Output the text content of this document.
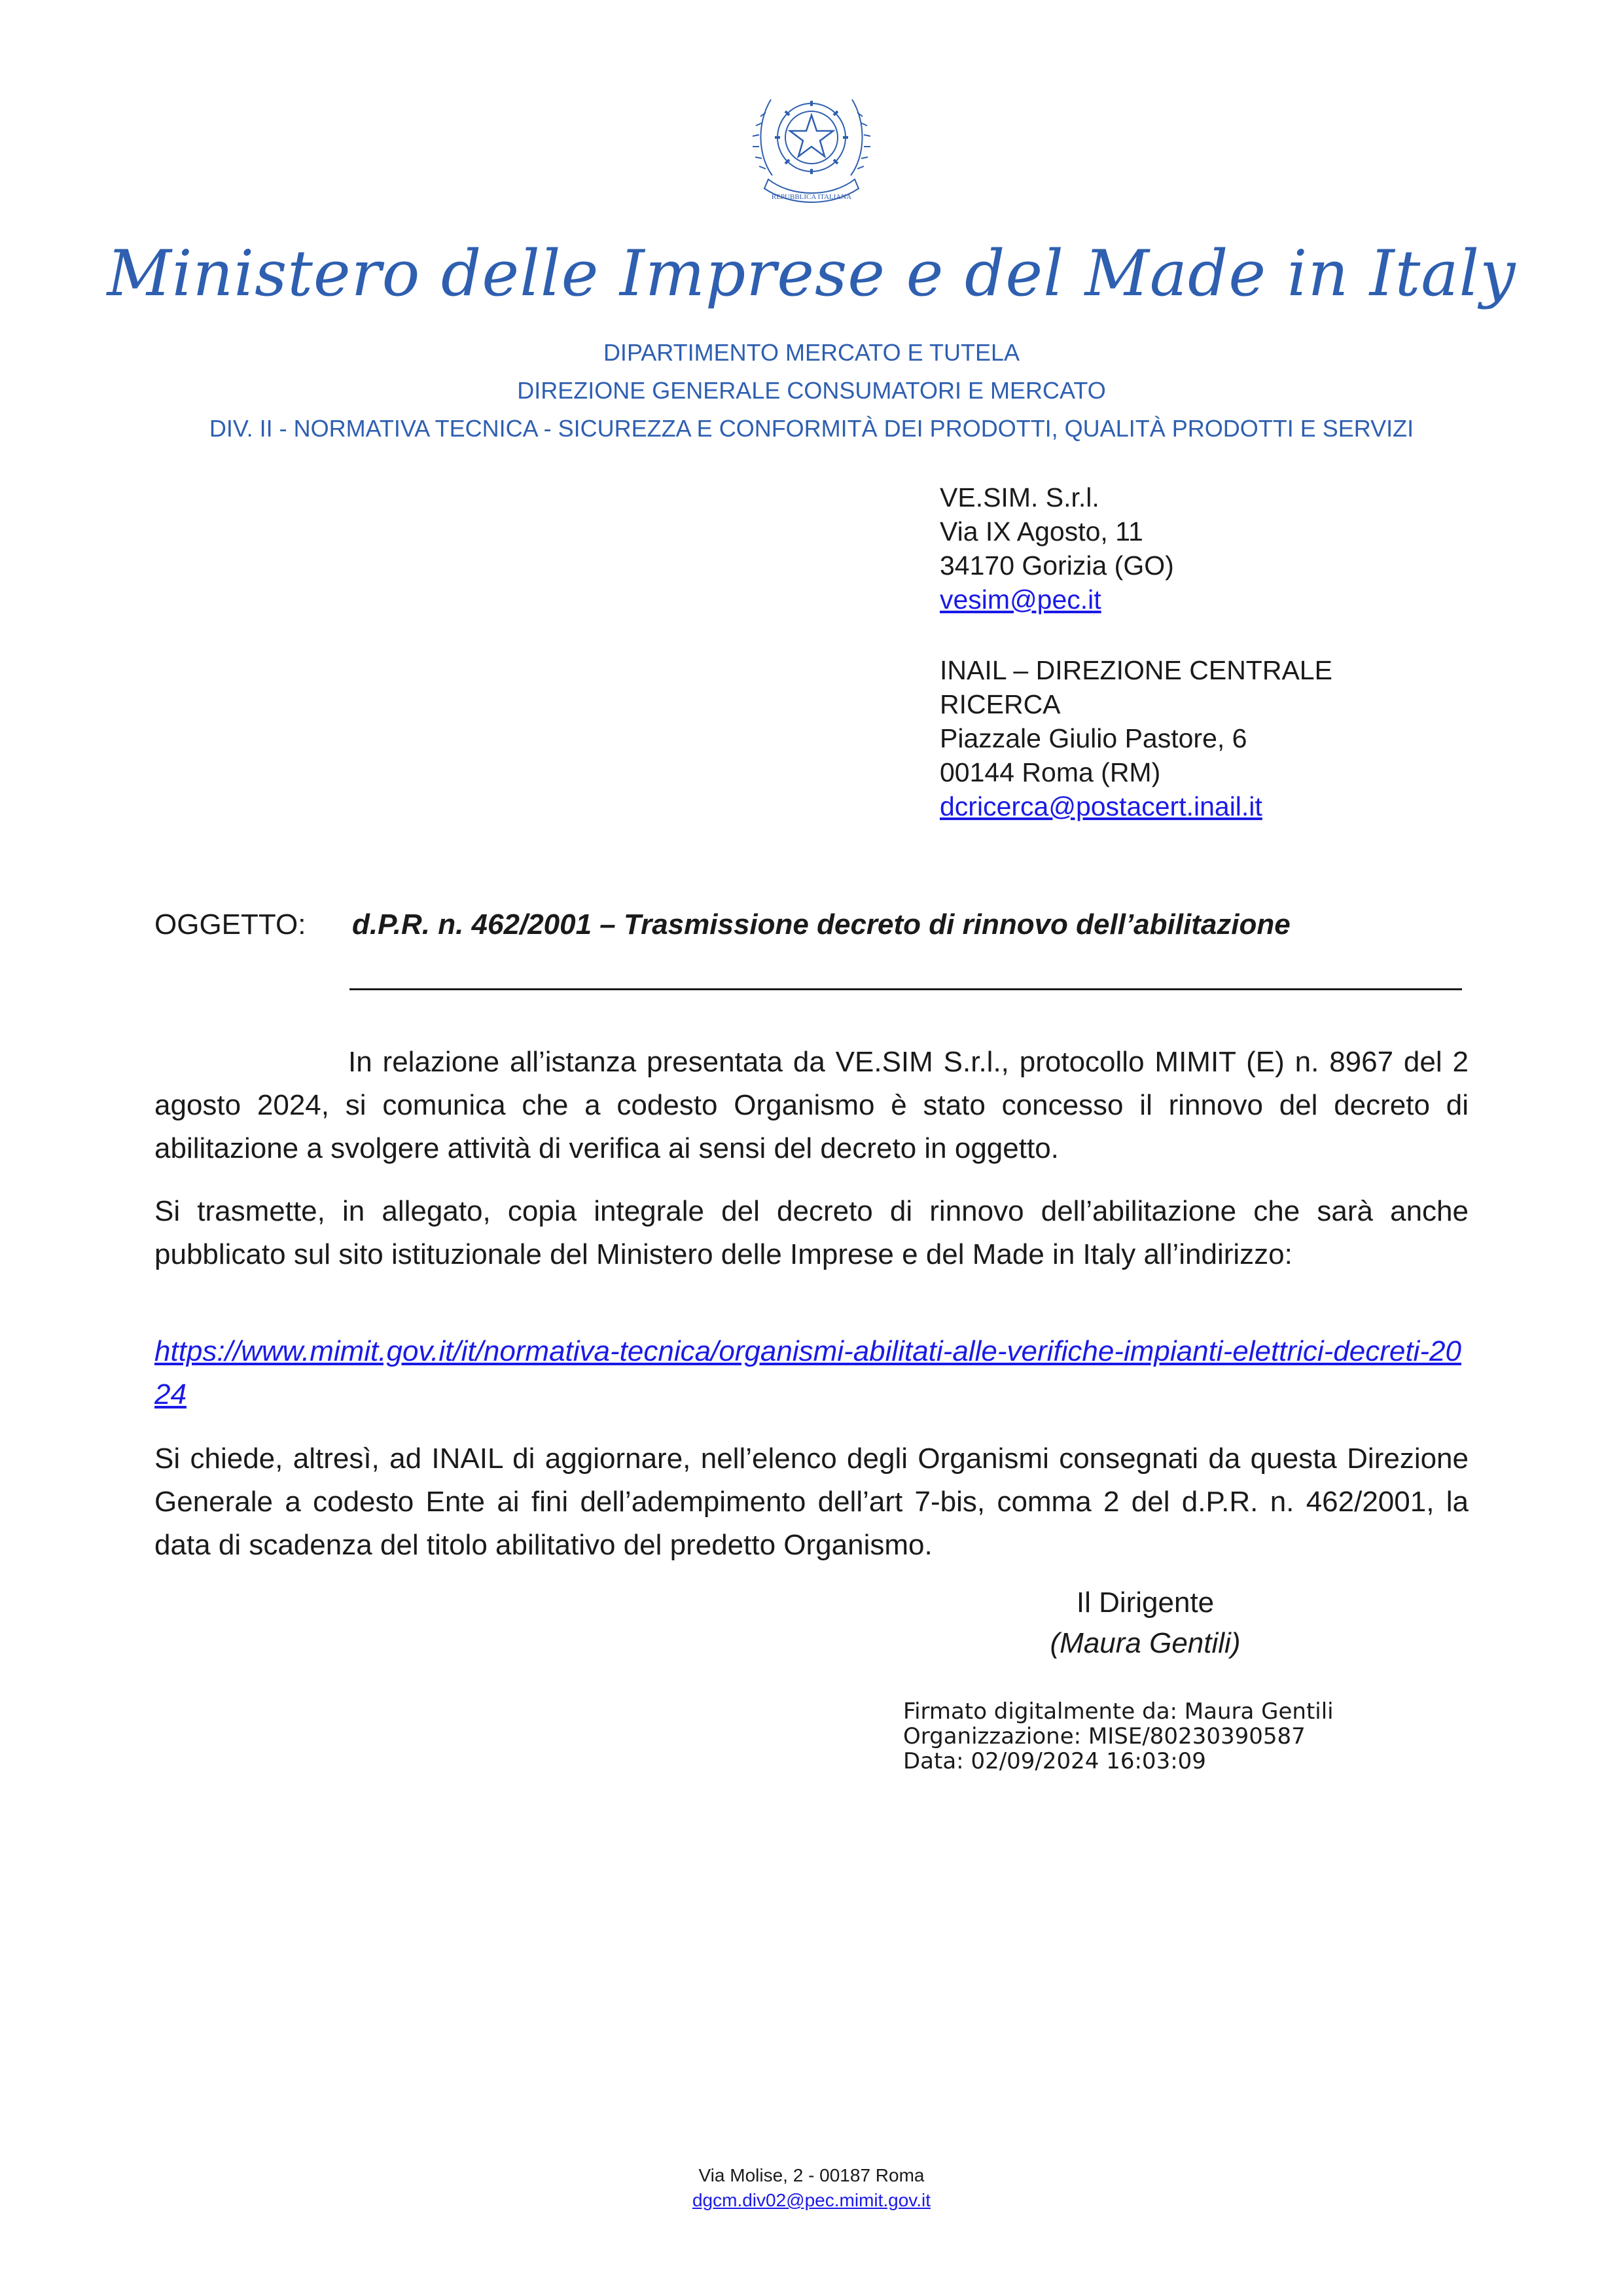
REPUBBLICA ITALIANA
Ministero delle Imprese e del Made in Italy
DIPARTIMENTO MERCATO E TUTELA
DIREZIONE GENERALE CONSUMATORI E MERCATO
DIV. II - NORMATIVA TECNICA - SICUREZZA E CONFORMITÀ DEI PRODOTTI, QUALITÀ PRODOTTI E SERVIZI
VE.SIM. S.r.l.
Via IX Agosto, 11
34170 Gorizia (GO)
vesim@pec.it
INAIL – DIREZIONE CENTRALE
RICERCA
Piazzale Giulio Pastore, 6
00144 Roma (RM)
dcricerca@postacert.inail.it
OGGETTO: d.P.R. n. 462/2001 – Trasmissione decreto di rinnovo dell’abilitazione
In relazione all’istanza presentata da VE.SIM S.r.l., protocollo MIMIT (E) n. 8967 del 2 agosto 2024, si comunica che a codesto Organismo è stato concesso il rinnovo del decreto di abilitazione a svolgere attività di verifica ai sensi del decreto in oggetto.
Si trasmette, in allegato, copia integrale del decreto di rinnovo dell’abilitazione che sarà anche pubblicato sul sito istituzionale del Ministero delle Imprese e del Made in Italy all’indirizzo:
https://www.mimit.gov.it/it/normativa-tecnica/organismi-abilitati-alle-verifiche-impianti-elettrici-decreti-2024
Si chiede, altresì, ad INAIL di aggiornare, nell’elenco degli Organismi consegnati da questa Direzione Generale a codesto Ente ai fini dell’adempimento dell’art 7-bis, comma 2 del d.P.R. n. 462/2001, la data di scadenza del titolo abilitativo del predetto Organismo.
Il Dirigente
(Maura Gentili)
Firmato digitalmente da: Maura Gentili
Organizzazione: MISE/80230390587
Data: 02/09/2024 16:03:09
Via Molise, 2 - 00187 Roma
dgcm.div02@pec.mimit.gov.it
